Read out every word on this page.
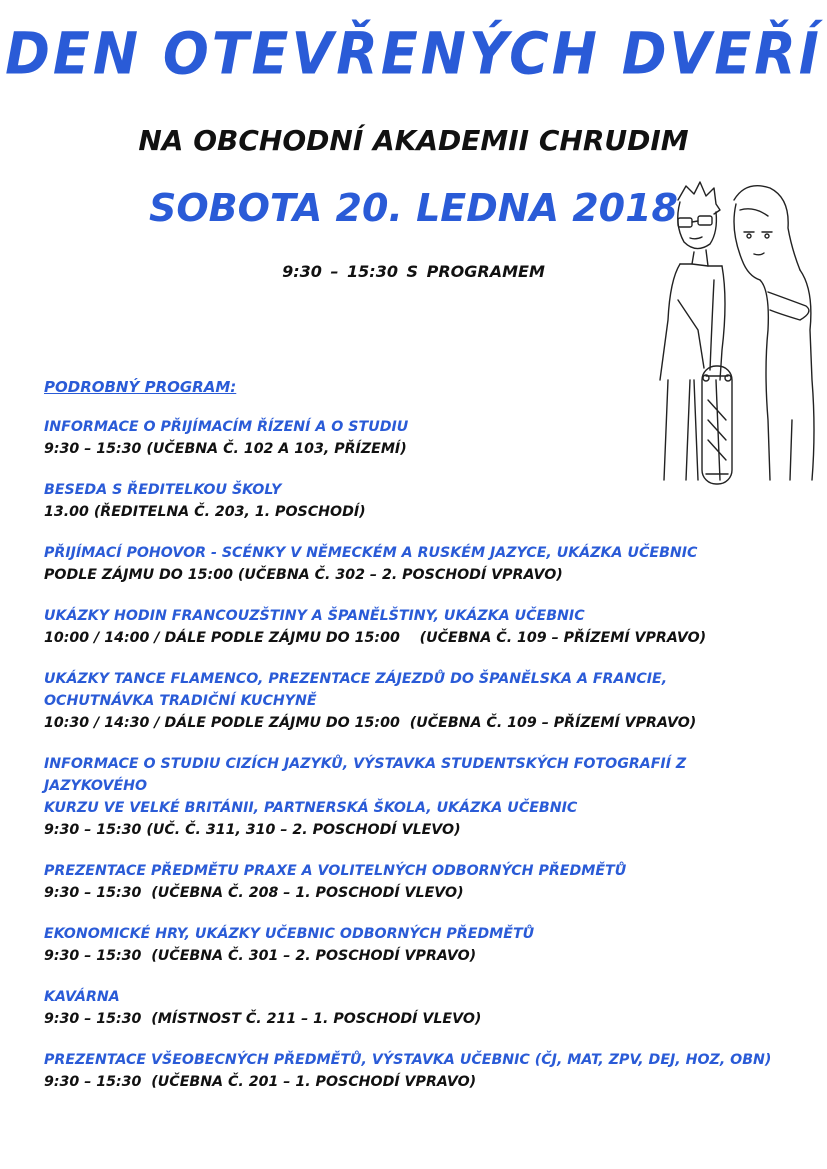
DEN OTEVŘENÝCH DVEŘÍ
NA OBCHODNÍ AKADEMII CHRUDIM
SOBOTA 20. LEDNA 2018
9:30 – 15:30 S PROGRAMEM
PODROBNÝ PROGRAM:
INFORMACE O PŘIJÍMACÍM ŘÍZENÍ A O STUDIU
9:30 – 15:30 (UČEBNA Č. 102 A 103, PŘÍZEMÍ)
BESEDA S ŘEDITELKOU ŠKOLY
13.00 (ŘEDITELNA Č. 203, 1. POSCHODÍ)
PŘIJÍMACÍ POHOVOR - SCÉNKY V NĚMECKÉM A RUSKÉM JAZYCE, UKÁZKA UČEBNIC
PODLE ZÁJMU DO 15:00 (UČEBNA Č. 302 – 2. POSCHODÍ VPRAVO)
UKÁZKY HODIN FRANCOUZŠTINY A ŠPANĚLŠTINY, UKÁZKA UČEBNIC
10:00 / 14:00 / DÁLE PODLE ZÁJMU DO 15:00    (UČEBNA Č. 109 – PŘÍZEMÍ VPRAVO)
UKÁZKY TANCE FLAMENCO, PREZENTACE ZÁJEZDŮ DO ŠPANĚLSKA A FRANCIE,
OCHUTNÁVKA TRADIČNÍ KUCHYNĚ
10:30 / 14:30 / DÁLE PODLE ZÁJMU DO 15:00  (UČEBNA Č. 109 – PŘÍZEMÍ VPRAVO)
INFORMACE O STUDIU CIZÍCH JAZYKŮ, VÝSTAVKA STUDENTSKÝCH FOTOGRAFIÍ Z JAZYKOVÉHO
KURZU VE VELKÉ BRITÁNII, PARTNERSKÁ ŠKOLA, UKÁZKA UČEBNIC
9:30 – 15:30 (UČ. Č. 311, 310 – 2. POSCHODÍ VLEVO)
PREZENTACE PŘEDMĚTU PRAXE A VOLITELNÝCH ODBORNÝCH PŘEDMĚTŮ
9:30 – 15:30  (UČEBNA Č. 208 – 1. POSCHODÍ VLEVO)
EKONOMICKÉ HRY, UKÁZKY UČEBNIC ODBORNÝCH PŘEDMĚTŮ
9:30 – 15:30  (UČEBNA Č. 301 – 2. POSCHODÍ VPRAVO)
KAVÁRNA
9:30 – 15:30  (MÍSTNOST Č. 211 – 1. POSCHODÍ VLEVO)
PREZENTACE VŠEOBECNÝCH PŘEDMĚTŮ, VÝSTAVKA UČEBNIC (ČJ, MAT, ZPV, DEJ, HOZ, OBN)
9:30 – 15:30  (UČEBNA Č. 201 – 1. POSCHODÍ VPRAVO)
